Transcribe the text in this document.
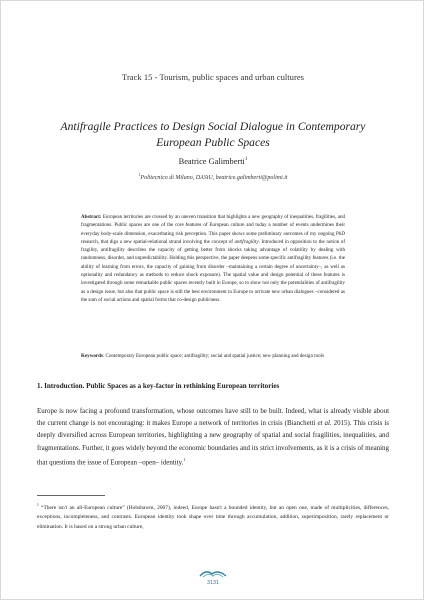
Track 15 - Tourism, public spaces and urban cultures
Antifragile Practices to Design Social Dialogue in Contemporary European Public Spaces
Beatrice Galimberti$^1$
$^1$Politecnico di Milano, DAStU, beatrice.galimberti@polimi.it
Abstract: European territories are crossed by an uneven transition that highlights a new geography of inequalities, fragilities, and fragmentations. Public spaces are one of the core features of European culture and today a number of events undermines their everyday body-scale dimension, exacerbating risk perception. This paper shows some preliminary outcomes of my ongoing PhD research, that digs a new spatial-relational strand involving the concept of antifragility. Introduced in opposition to the notion of fragility, antifragility describes the capacity of getting better from shocks taking advantage of volatility by dealing with randomness, disorder, and unpredictability. Holding this perspective, the paper deepens some specific antifragility features (i.e. the ability of learning from errors, the capacity of gaining from disorder –maintaining a certain degree of uncertainty–, as well as optionality and redundancy as methods to reduce shock exposure). The spatial value and design potential of these features is investigated through some remarkable public spaces recently built in Europe, so to show not only the potentialities of antifragility as a design issue, but also that public space is still the best environment in Europe to activate new urban dialogues –considered as the sum of social actions and spatial forms that co-design publicness.
Keywords: Contemporary European public space; antifragility; social and spatial justice; new planning and design tools
1. Introduction. Public Spaces as a key-factor in rethinking European territories
Europe is now facing a profound transformation, whose outcomes have still to be built. Indeed, what is already visible about the current change is not encouraging: it makes Europe a network of territories in crisis (Bianchetti et al. 2015). This crisis is deeply diversified across European territories, highlighting a new geography of spatial and social fragilities, inequalities, and fragmentations. Further, it goes widely beyond the economic boundaries and its strict involvements, as it is a crisis of meaning that questions the issue of European –open– identity.$^1$
$^1$ “There isn't an all-European culture” (Hobsbawm, 2007), indeed, Europe hasn't a bounded identity, but an open one, made of multiplicities, differences, exceptions, incompleteness, and contrasts. European identity took shape over time through accumulation, addition, superimposition, rarely replacement or elimination. It is based on a strong urban culture,
3131
